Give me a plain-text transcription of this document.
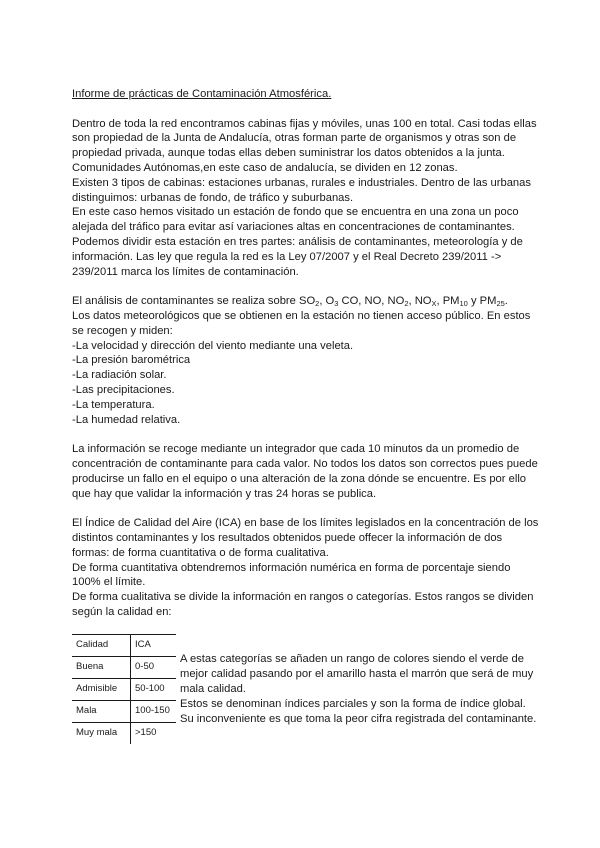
Informe de prácticas de Contaminación Atmosférica.

Dentro de toda la red encontramos cabinas fijas y móviles, unas 100 en total. Casi todas ellas son propiedad de la Junta de Andalucía, otras forman parte de organismos y otras son de propiedad privada, aunque todas ellas deben suministrar los datos obtenidos a la junta.

Comunidades Autónomas,en este caso de andalucía, se dividen en 12 zonas.

Existen 3 tipos de cabinas: estaciones urbanas, rurales e industriales. Dentro de las urbanas distinguimos: urbanas de fondo, de tráfico y suburbanas.

En este caso hemos visitado un estación de fondo que se encuentra en una zona un poco alejada del tráfico para evitar así variaciones altas en concentraciones de contaminantes.

Podemos dividir esta estación en tres partes: análisis de contaminantes, meteorología y de información. Las ley que regula la red es la Ley 07/2007 y el Real Decreto 239/2011 -> 239/2011 marca los límites de contaminación.

El análisis de contaminantes se realiza sobre $SO_2$, $O_3$ CO, NO, $NO_2$, $NO_X$, $PM_{10}$ y $PM_{25}$.

Los datos meteorológicos que se obtienen en la estación no tienen acceso público. En estos se recogen y miden:

-La velocidad y dirección del viento mediante una veleta.

-La presión barométrica

-La radiación solar.

-Las precipitaciones.

-La temperatura.

-La humedad relativa.

La información se recoge mediante un integrador que cada 10 minutos da un promedio de concentración de contaminante para cada valor. No todos los datos son correctos pues puede producirse un fallo en el equipo o una alteración de la zona dónde se encuentre. Es por ello que hay que validar la información y tras 24 horas se publica.

El Índice de Calidad del Aire (ICA) en base de los límites legislados en la concentración de los distintos contaminantes y los resultados obtenidos puede offecer la información de dos formas: de forma cuantitativa o de forma cualitativa.

De forma cuantitativa obtendremos información numérica en forma de porcentaje siendo 100% el límite.

De forma cualitativa se divide la información en rangos o categorías. Estos rangos se dividen según la calidad en:

Calidad	ICA
Buena	0-50
Admisible	50-100
Mala	100-150
Muy mala	>150

A estas categorías se añaden un rango de colores siendo el verde de mejor calidad pasando por el amarillo hasta el marrón que será de muy mala calidad.

Estos se denominan índices parciales y son la forma de índice global. Su inconveniente es que toma la peor cifra registrada del contaminante.
